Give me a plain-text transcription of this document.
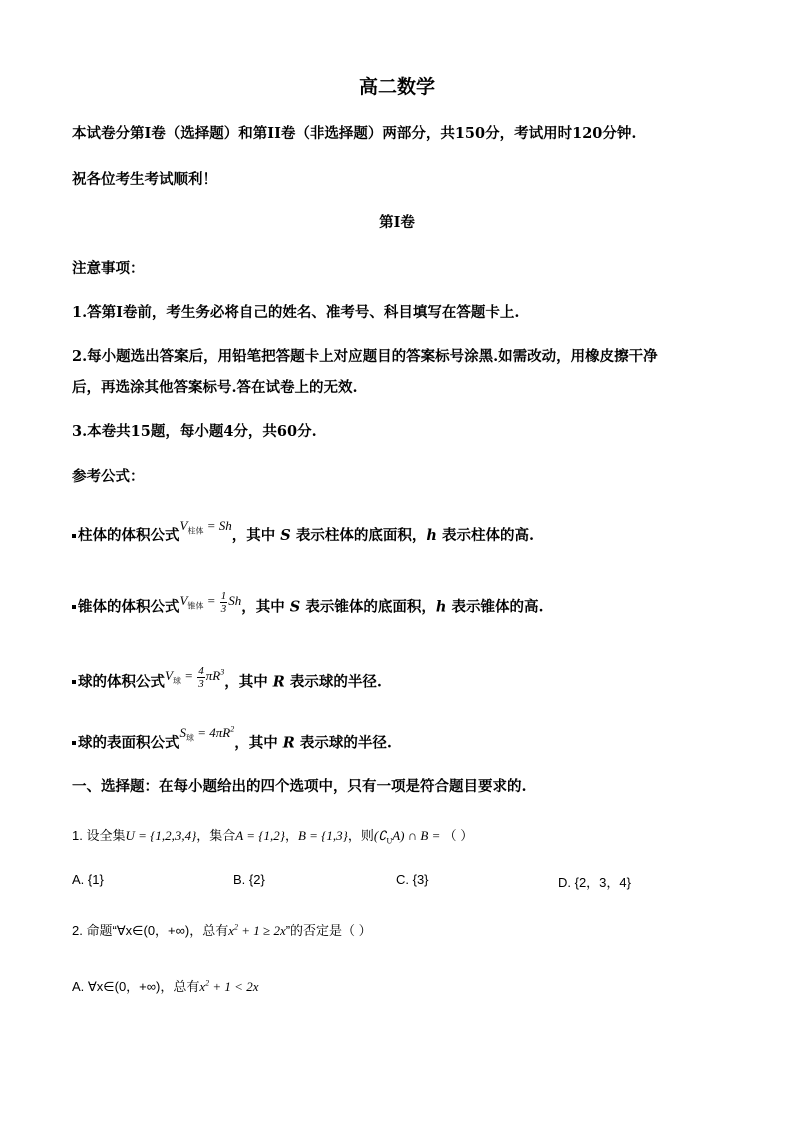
高二数学
本试卷分第I卷（选择题）和第II卷（非选择题）两部分，共150分，考试用时120分钟.
祝各位考生考试顺利！
第I卷
注意事项：
1.答第I卷前，考生务必将自己的姓名、准考号、科目填写在答题卡上.
2.每小题选出答案后，用铅笔把答题卡上对应题目的答案标号涂黑.如需改动，用橡皮擦干净
后，再选涂其他答案标号.答在试卷上的无效.
3.本卷共15题，每小题4分，共60分.
参考公式：
柱体的体积公式$V_{柱体} = Sh$，其中 S 表示柱体的底面积，h 表示柱体的高.
锥体的体积公式$V_{锥体} = \frac{1}{3}$ Sh，其中 S 表示锥体的底面积，h 表示锥体的高.
球的体积公式$V_球 = \frac{4}{3} \pi R^3$，其中 R 表示球的半径.
球的表面积公式$S_球 = 4\pi R^2$，其中 R 表示球的半径.
一、选择题：在每小题给出的四个选项中，只有一项是符合题目要求的.
1. 设全集U = {1,2,3,4}，集合A = {1,2}，B = {1,3}，则$(∁_UA)$ ∩ B = （ ）
A. {1}	B. {2}	C. {3}	D. {2，3，4}
2. 命题“∀x∈(0，+∞)，总有$x^2 + 1 \ge 2x$”的否定是（ ）
A. ∀x∈(0，+∞)，总有$x^2 + 1 < 2x$
